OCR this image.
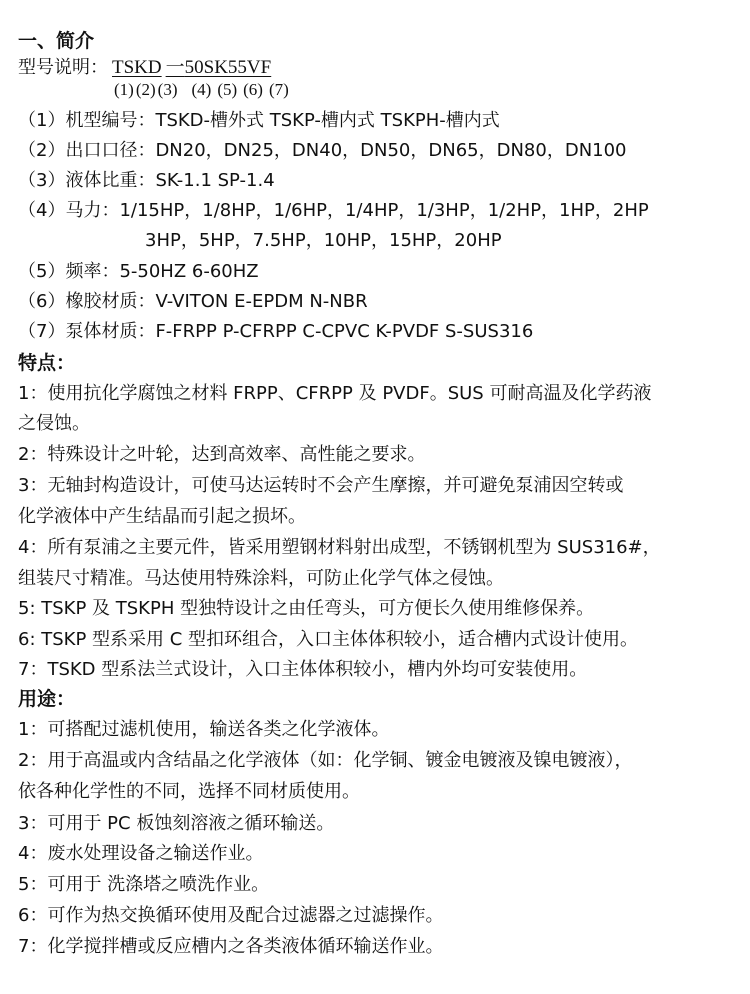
一、简介
型号说明： TSKD 一50SK55VF
(1) (2) (3) (4) (5) (6) (7)
（1）机型编号：TSKD-槽外式 TSKP-槽内式 TSKPH-槽内式
（2）出口口径：DN20，DN25，DN40，DN50，DN65，DN80，DN100
（3）液体比重：SK-1.1 SP-1.4
（4）马力：1/15HP，1/8HP，1/6HP，1/4HP，1/3HP，1/2HP，1HP，2HP
3HP，5HP，7.5HP，10HP，15HP，20HP
（5）频率：5-50HZ 6-60HZ
（6）橡胶材质：V-VITON E-EPDM N-NBR
（7）泵体材质：F-FRPP P-CFRPP C-CPVC K-PVDF S-SUS316
特点：
1：使用抗化学腐蚀之材料 FRPP、CFRPP 及 PVDF。SUS 可耐高温及化学药液
之侵蚀。
2：特殊设计之叶轮，达到高效率、高性能之要求。
3：无轴封构造设计，可使马达运转时不会产生摩擦，并可避免泵浦因空转或
化学液体中产生结晶而引起之损坏。
4：所有泵浦之主要元件，皆采用塑钢材料射出成型，不锈钢机型为 SUS316#，
组装尺寸精准。马达使用特殊涂料，可防止化学气体之侵蚀。
5: TSKP 及 TSKPH 型独特设计之由任弯头，可方便长久使用维修保养。
6: TSKP 型系采用 C 型扣环组合，入口主体体积较小，适合槽内式设计使用。
7：TSKD 型系法兰式设计，入口主体体积较小，槽内外均可安装使用。
用途：
1：可搭配过滤机使用，输送各类之化学液体。
2：用于高温或内含结晶之化学液体（如：化学铜、镀金电镀液及镍电镀液），
依各种化学性的不同，选择不同材质使用。
3：可用于 PC 板蚀刻溶液之循环输送。
4：废水处理设备之输送作业。
5：可用于 洗涤塔之喷洗作业。
6：可作为热交换循环使用及配合过滤器之过滤操作。
7：化学搅拌槽或反应槽内之各类液体循环输送作业。
